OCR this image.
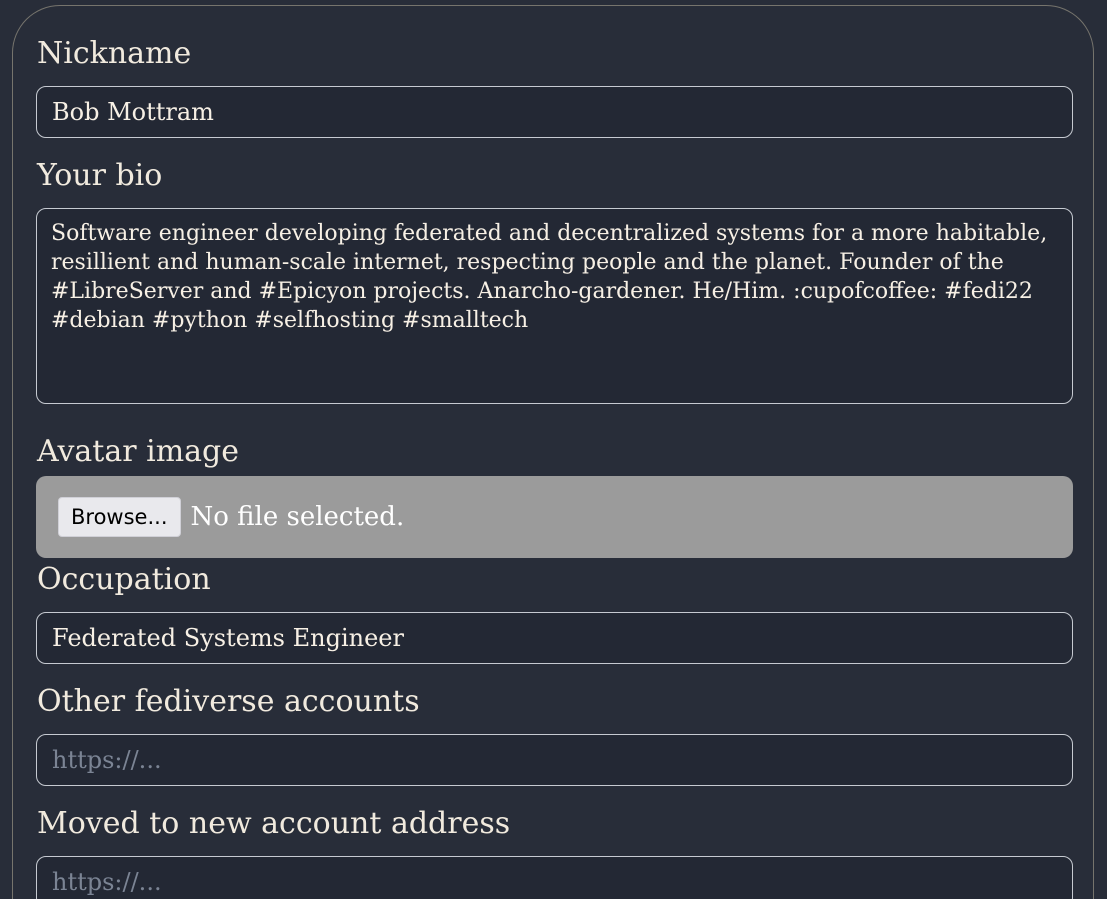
Nickname
Bob Mottram
Your bio
Software engineer developing federated and decentralized systems for a more habitable, resillient and human-scale internet, respecting people and the planet. Founder of the #LibreServer and #Epicyon projects. Anarcho-gardener. He/Him. :cupofcoffee: #fedi22 #debian #python #selfhosting #smalltech
Avatar image
Browse... No file selected.
Occupation
Federated Systems Engineer
Other fediverse accounts
https://...
Moved to new account address
https://...
